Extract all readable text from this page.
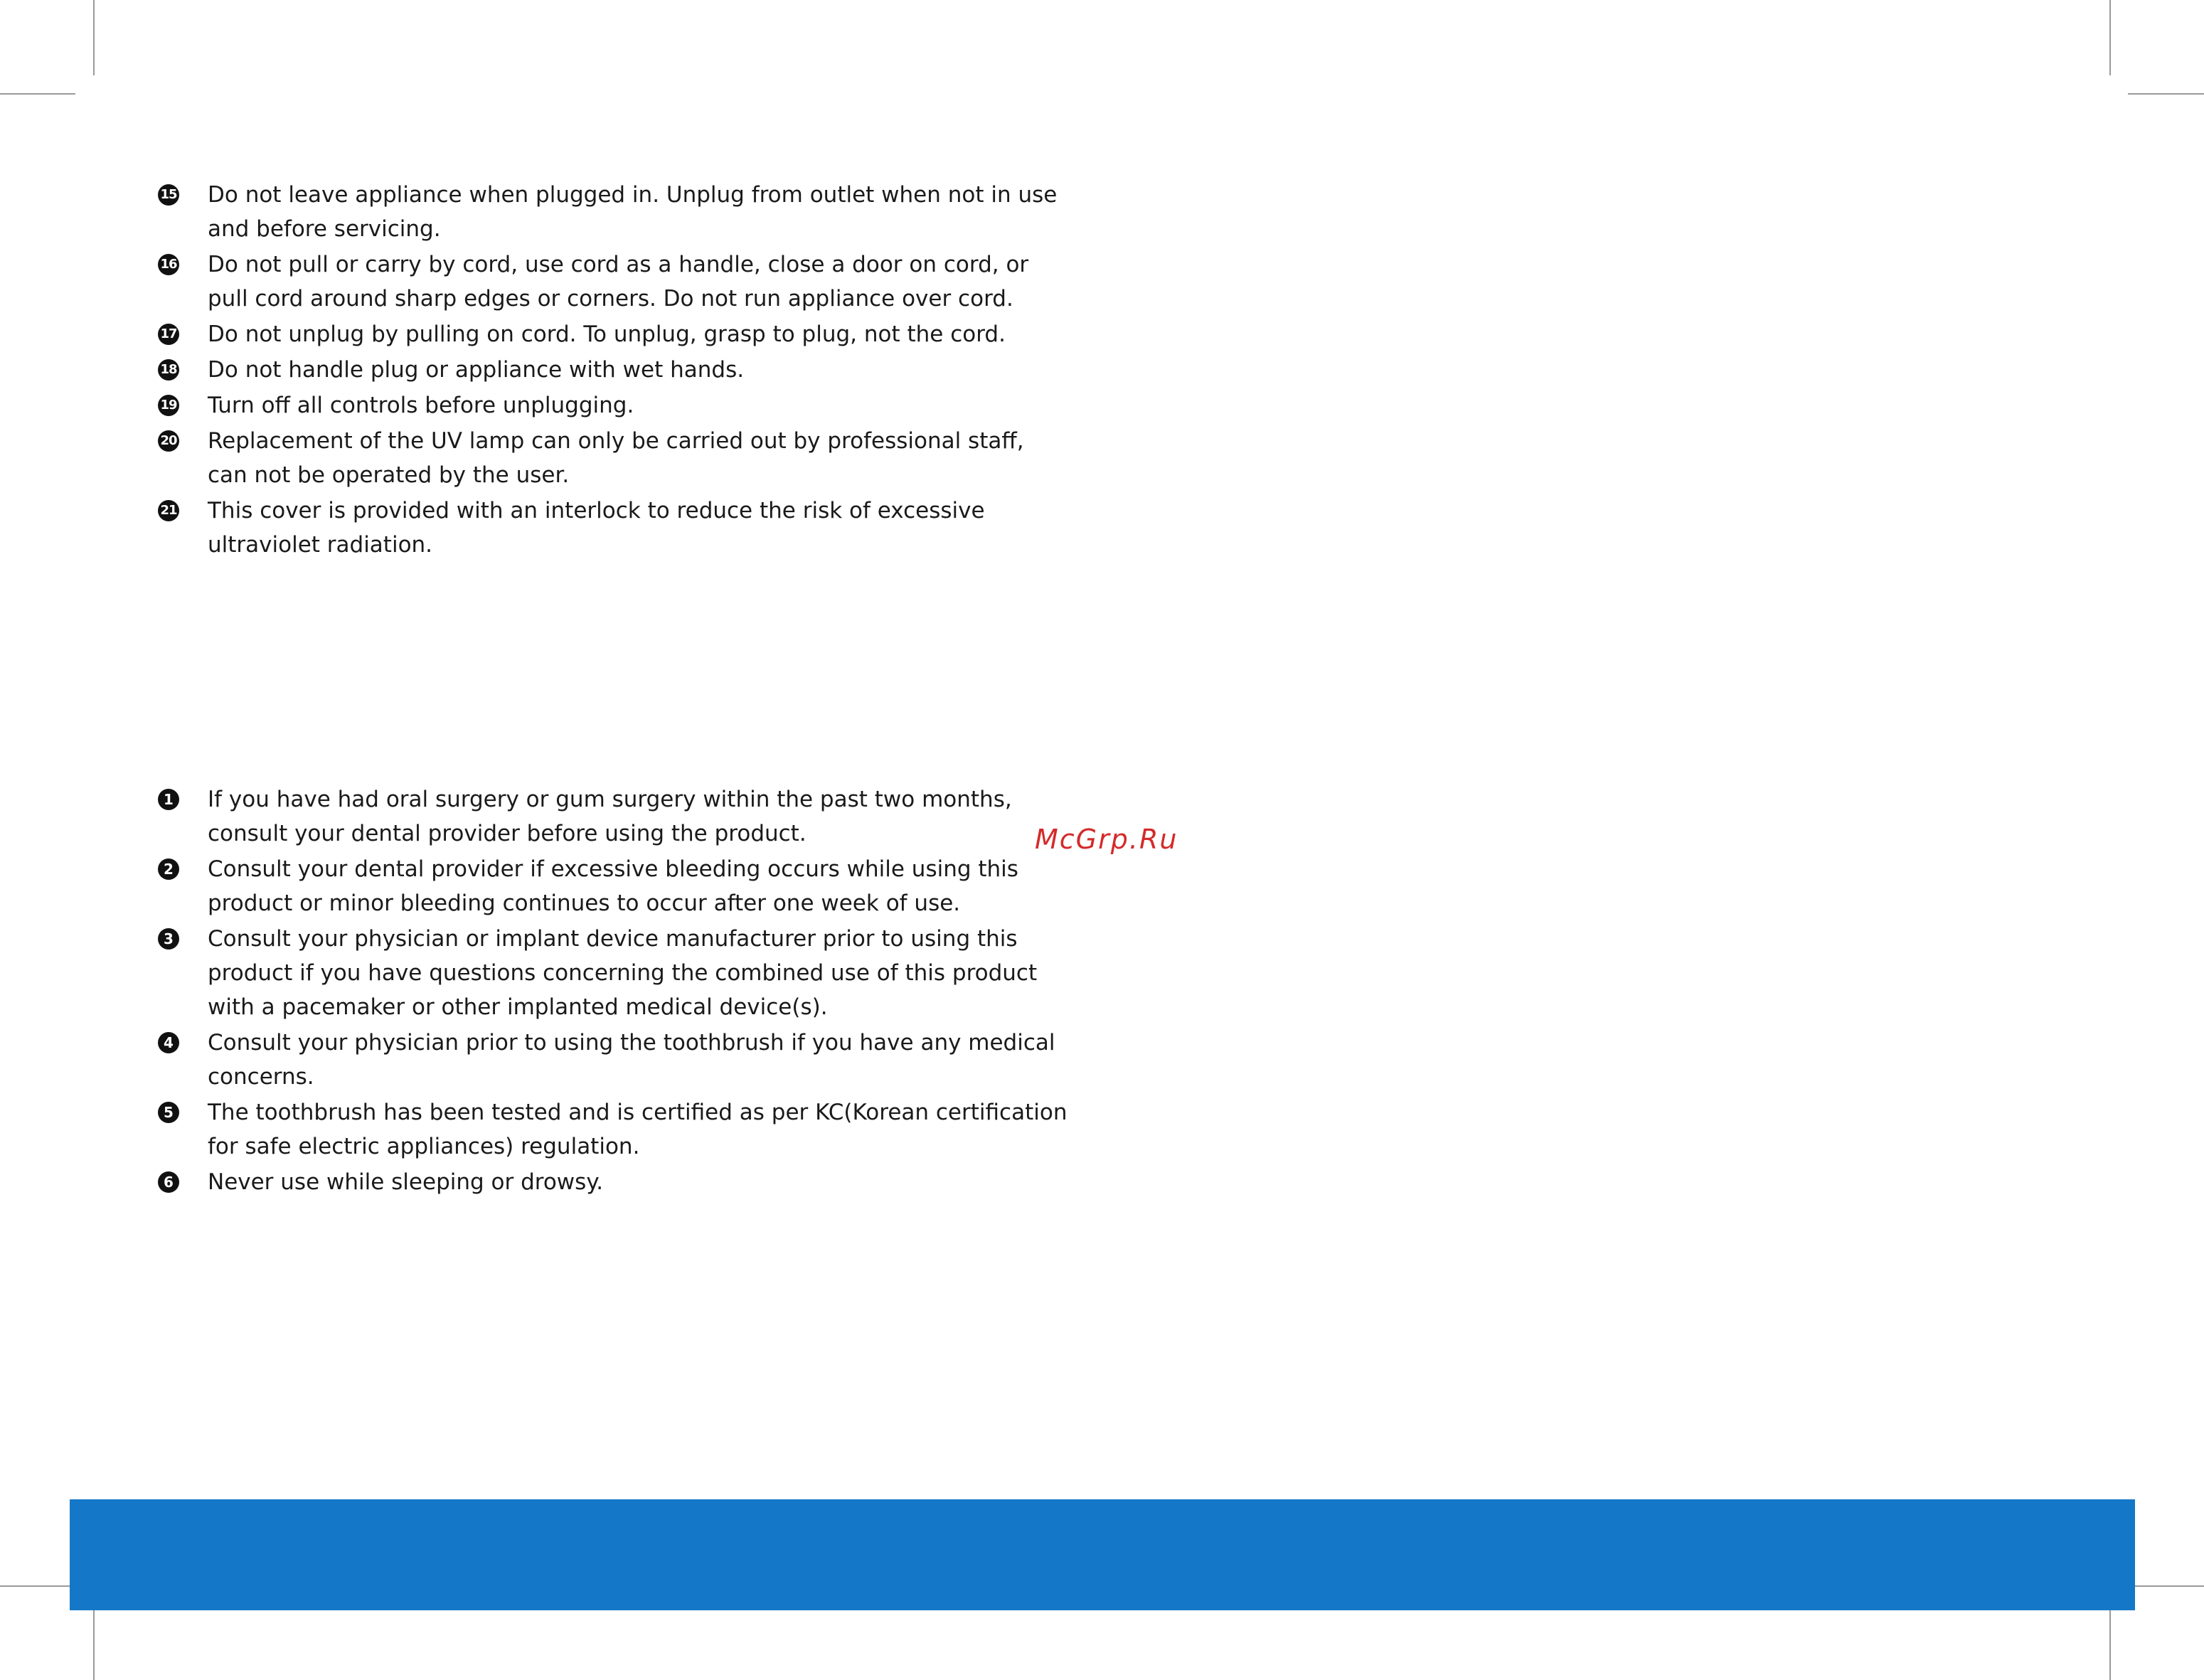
15 Do not leave appliance when plugged in. Unplug from outlet when not in use and before servicing.
16 Do not pull or carry by cord, use cord as a handle, close a door on cord, or pull cord around sharp edges or corners. Do not run appliance over cord.
17 Do not unplug by pulling on cord. To unplug, grasp to plug, not the cord.
18 Do not handle plug or appliance with wet hands.
19 Turn off all controls before unplugging.
20 Replacement of the UV lamp can only be carried out by professional staff, can not be operated by the user.
21 This cover is provided with an interlock to reduce the risk of excessive ultraviolet radiation.
1 If you have had oral surgery or gum surgery within the past two months, consult your dental provider before using the product.
2 Consult your dental provider if excessive bleeding occurs while using this product or minor bleeding continues to occur after one week of use.
3 Consult your physician or implant device manufacturer prior to using this product if you have questions concerning the combined use of this product with a pacemaker or other implanted medical device(s).
4 Consult your physician prior to using the toothbrush if you have any medical concerns.
5 The toothbrush has been tested and is certified as per KC(Korean certification for safe electric appliances) regulation.
6 Never use while sleeping or drowsy.
McGrp.Ru
